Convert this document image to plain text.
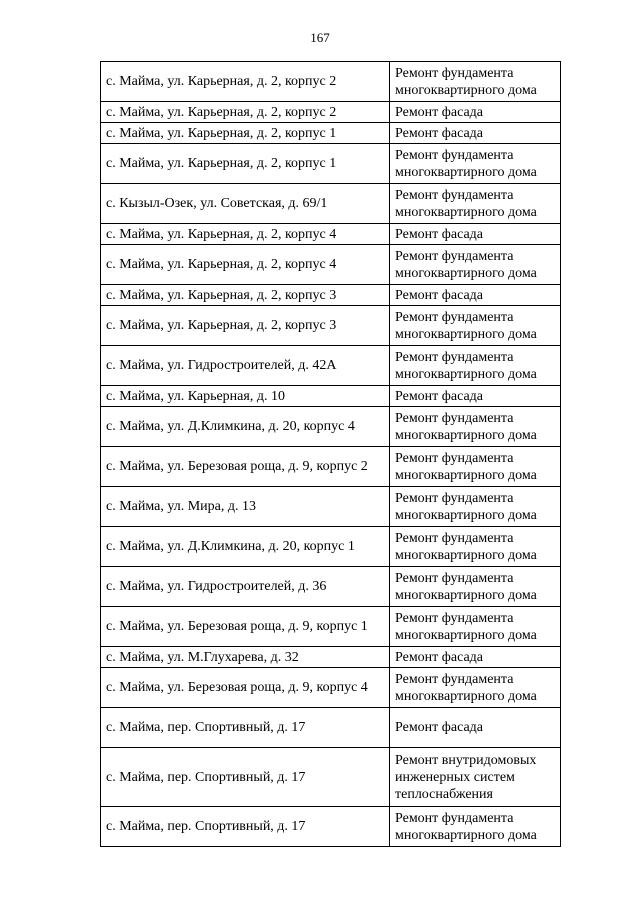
167
с. Майма, ул. Карьерная, д. 2, корпус 2	Ремонт фундамента многоквартирного дома
с. Майма, ул. Карьерная, д. 2, корпус 2	Ремонт фасада
с. Майма, ул. Карьерная, д. 2, корпус 1	Ремонт фасада
с. Майма, ул. Карьерная, д. 2, корпус 1	Ремонт фундамента многоквартирного дома
с. Кызыл-Озек, ул. Советская, д. 69/1	Ремонт фундамента многоквартирного дома
с. Майма, ул. Карьерная, д. 2, корпус 4	Ремонт фасада
с. Майма, ул. Карьерная, д. 2, корпус 4	Ремонт фундамента многоквартирного дома
с. Майма, ул. Карьерная, д. 2, корпус 3	Ремонт фасада
с. Майма, ул. Карьерная, д. 2, корпус 3	Ремонт фундамента многоквартирного дома
с. Майма, ул. Гидростроителей, д. 42А	Ремонт фундамента многоквартирного дома
с. Майма, ул. Карьерная, д. 10	Ремонт фасада
с. Майма, ул. Д.Климкина, д. 20, корпус 4	Ремонт фундамента многоквартирного дома
с. Майма, ул. Березовая роща, д. 9, корпус 2	Ремонт фундамента многоквартирного дома
с. Майма, ул. Мира, д. 13	Ремонт фундамента многоквартирного дома
с. Майма, ул. Д.Климкина, д. 20, корпус 1	Ремонт фундамента многоквартирного дома
с. Майма, ул. Гидростроителей, д. 36	Ремонт фундамента многоквартирного дома
с. Майма, ул. Березовая роща, д. 9, корпус 1	Ремонт фундамента многоквартирного дома
с. Майма, ул. М.Глухарева, д. 32	Ремонт фасада
с. Майма, ул. Березовая роща, д. 9, корпус 4	Ремонт фундамента многоквартирного дома
с. Майма, пер. Спортивный, д. 17	Ремонт фасада
с. Майма, пер. Спортивный, д. 17	Ремонт внутридомовых инженерных систем теплоснабжения
с. Майма, пер. Спортивный, д. 17	Ремонт фундамента многоквартирного дома
